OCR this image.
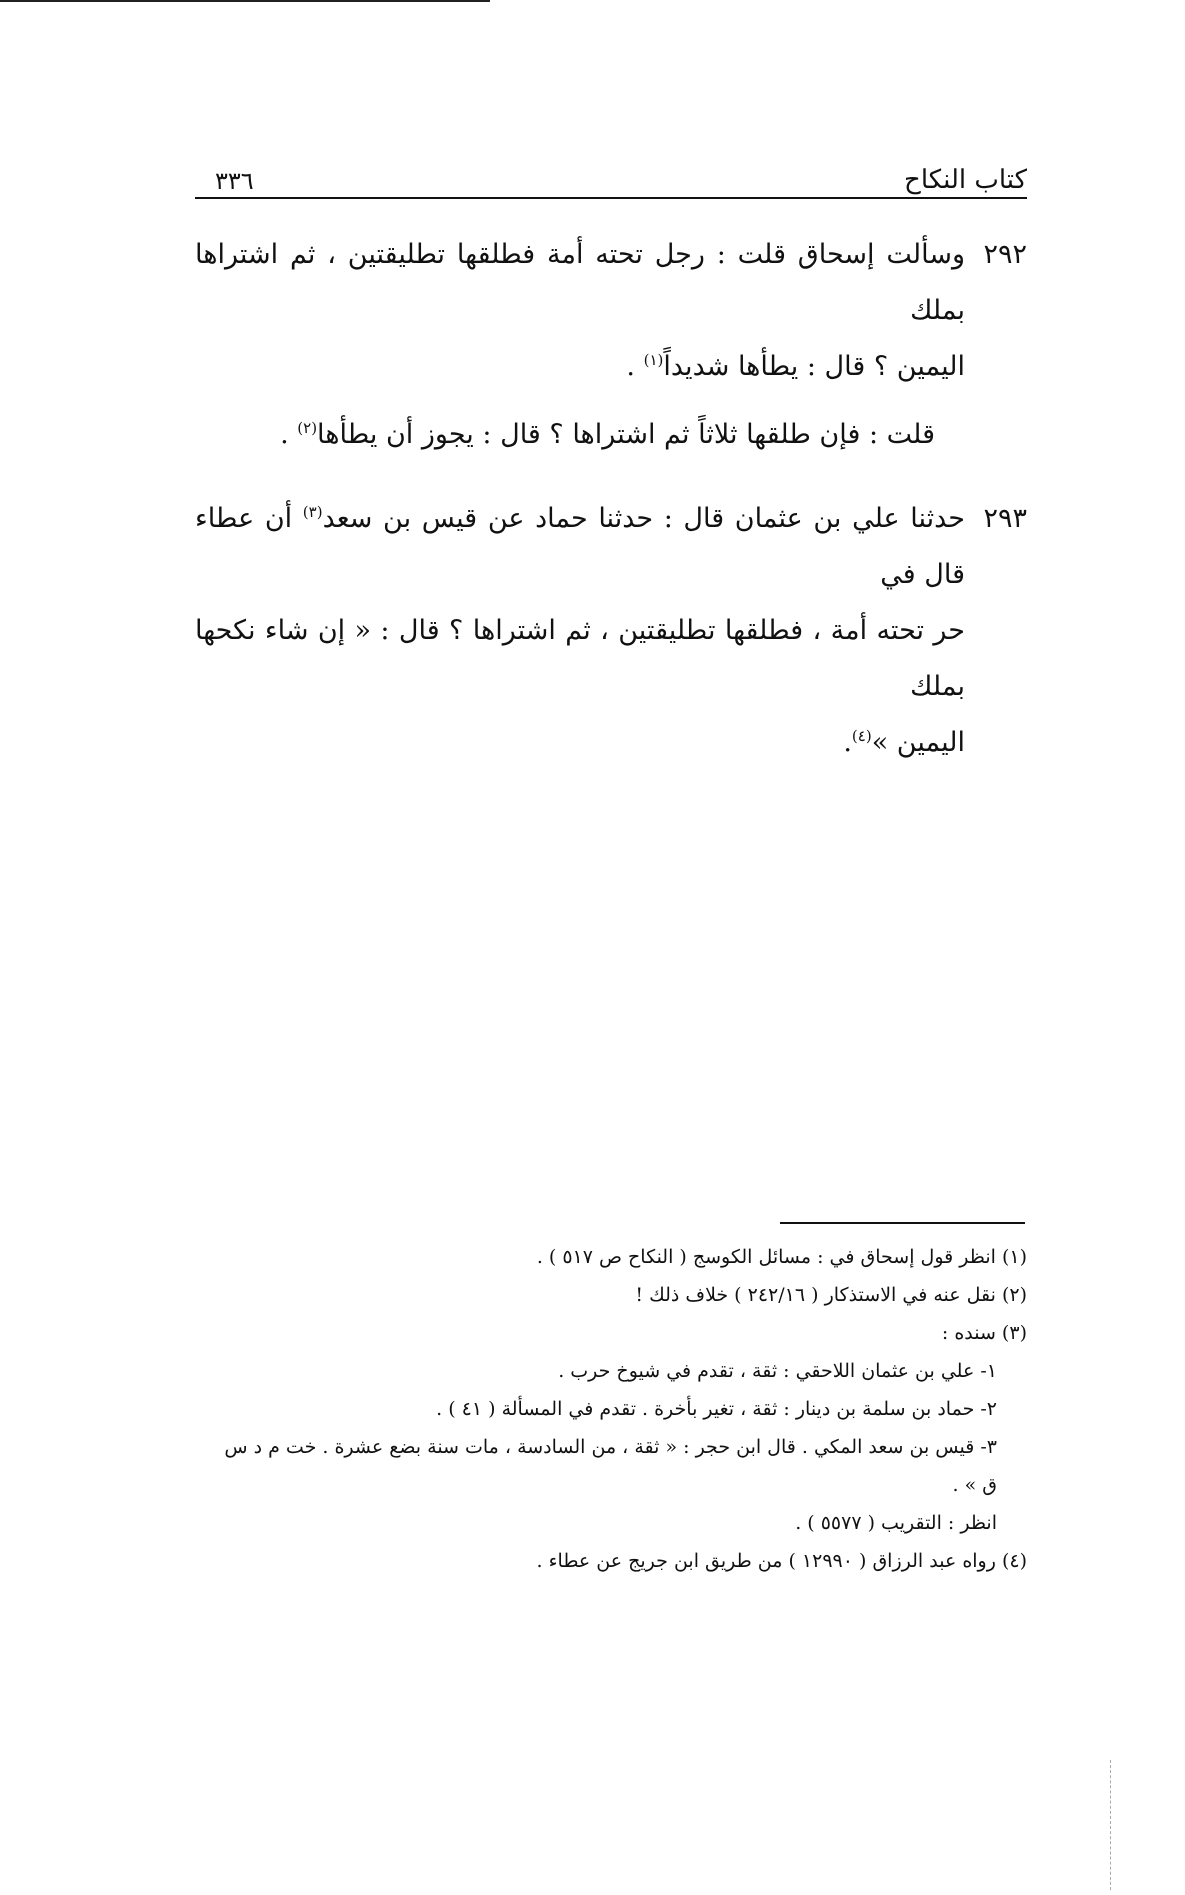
كتاب النكاح
٣٣٦
٢٩٢
وسألت إسحاق قلت : رجل تحته أمة فطلقها تطليقتين ، ثم اشتراها بملك
اليمين ؟ قال : يطأها شديداً$^{(١)}$ .
قلت : فإن طلقها ثلاثاً ثم اشتراها ؟ قال : يجوز أن يطأها$^{(٢)}$ .
٢٩٣
حدثنا علي بن عثمان قال : حدثنا حماد عن قيس بن سعد$^{(٣)}$ أن عطاء قال في
حر تحته أمة ، فطلقها تطليقتين ، ثم اشتراها ؟ قال : « إن شاء نكحها بملك
اليمين »$^{(٤)}$.
(١) انظر قول إسحاق في : مسائل الكوسج ( النكاح ص ٥١٧ ) .
(٢) نقل عنه في الاستذكار ( ٢٤٢/١٦ ) خلاف ذلك !
(٣) سنده :
١- علي بن عثمان اللاحقي : ثقة ، تقدم في شيوخ حرب .
٢- حماد بن سلمة بن دينار : ثقة ، تغير بأخرة . تقدم في المسألة ( ٤١ ) .
٣- قيس بن سعد المكي . قال ابن حجر : « ثقة ، من السادسة ، مات سنة بضع عشرة . خت م د س
ق » .
انظر : التقريب ( ٥٥٧٧ ) .
(٤) رواه عبد الرزاق ( ١٢٩٩٠ ) من طريق ابن جريج عن عطاء .
